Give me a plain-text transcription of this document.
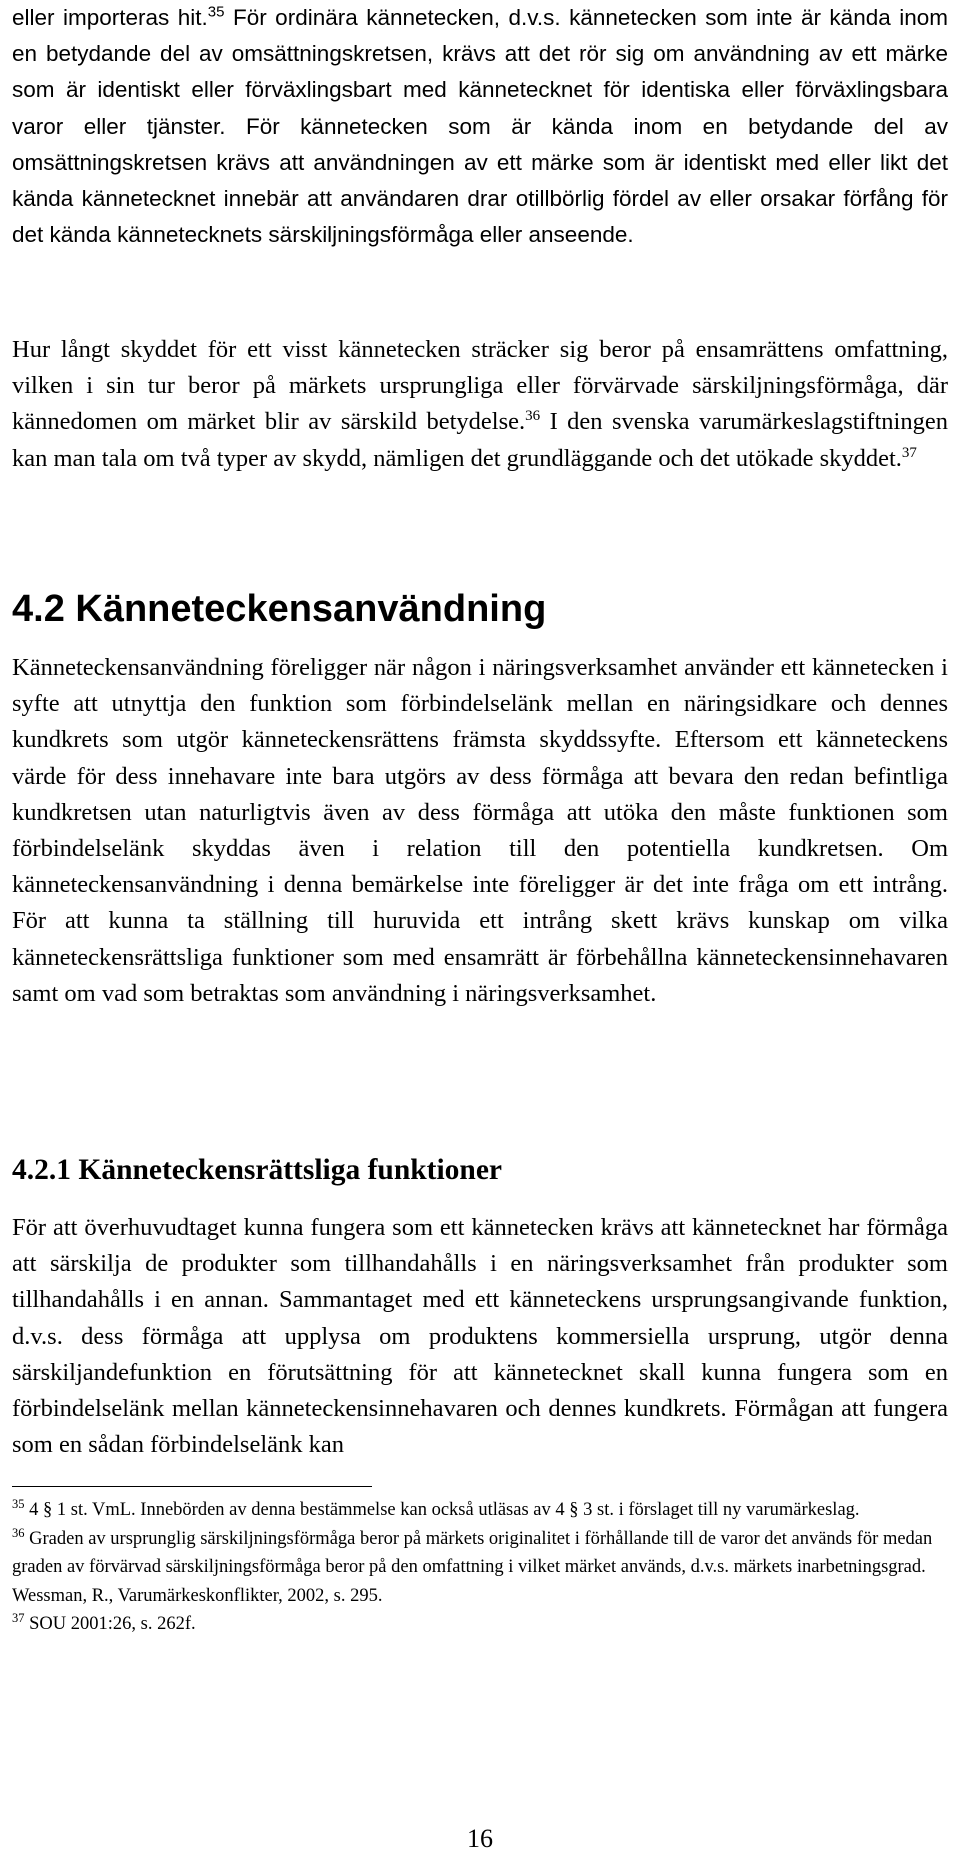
eller importeras hit.$^{35}$ För ordinära kännetecken, d.v.s. kännetecken som inte är kända inom en betydande del av omsättningskretsen, krävs att det rör sig om användning av ett märke som är identiskt eller förväxlingsbart med kännetecknet för identiska eller förväxlingsbara varor eller tjänster. För kännetecken som är kända inom en betydande del av omsättningskretsen krävs att användningen av ett märke som är identiskt med eller likt det kända kännetecknet innebär att användaren drar otillbörlig fördel av eller orsakar förfång för det kända kännetecknets särskiljningsförmåga eller anseende.

Hur långt skyddet för ett visst kännetecken sträcker sig beror på ensamrättens omfattning, vilken i sin tur beror på märkets ursprungliga eller förvärvade särskiljningsförmåga, där kännedomen om märket blir av särskild betydelse.$^{36}$ I den svenska varumärkeslagstiftningen kan man tala om två typer av skydd, nämligen det grundläggande och det utökade skyddet.$^{37}$

4.2 Känneteckensanvändning

Känneteckensanvändning föreligger när någon i näringsverksamhet använder ett kännetecken i syfte att utnyttja den funktion som förbindelselänk mellan en näringsidkare och dennes kundkrets som utgör känneteckensrättens främsta skyddssyfte. Eftersom ett känneteckens värde för dess innehavare inte bara utgörs av dess förmåga att bevara den redan befintliga kundkretsen utan naturligtvis även av dess förmåga att utöka den måste funktionen som förbindelselänk skyddas även i relation till den potentiella kundkretsen. Om känneteckensanvändning i denna bemärkelse inte föreligger är det inte fråga om ett intrång. För att kunna ta ställning till huruvida ett intrång skett krävs kunskap om vilka känneteckensrättsliga funktioner som med ensamrätt är förbehållna känneteckensinnehavaren samt om vad som betraktas som användning i näringsverksamhet.

4.2.1 Känneteckensrättsliga funktioner

För att överhuvudtaget kunna fungera som ett kännetecken krävs att kännetecknet har förmåga att särskilja de produkter som tillhandahålls i en näringsverksamhet från produkter som tillhandahålls i en annan. Sammantaget med ett känneteckens ursprungsangivande funktion, d.v.s. dess förmåga att upplysa om produktens kommersiella ursprung, utgör denna särskiljandefunktion en förutsättning för att kännetecknet skall kunna fungera som en förbindelselänk mellan känneteckensinnehavaren och dennes kundkrets. Förmågan att fungera som en sådan förbindelselänk kan

$^{35}$ 4 § 1 st. VmL. Innebörden av denna bestämmelse kan också utläsas av 4 § 3 st. i förslaget till ny varumärkeslag.

$^{36}$ Graden av ursprunglig särskiljningsförmåga beror på märkets originalitet i förhållande till de varor det används för medan graden av förvärvad särskiljningsförmåga beror på den omfattning i vilket märket används, d.v.s. märkets inarbetningsgrad. Wessman, R., Varumärkeskonflikter, 2002, s. 295.

$^{37}$ SOU 2001:26, s. 262f.

16
